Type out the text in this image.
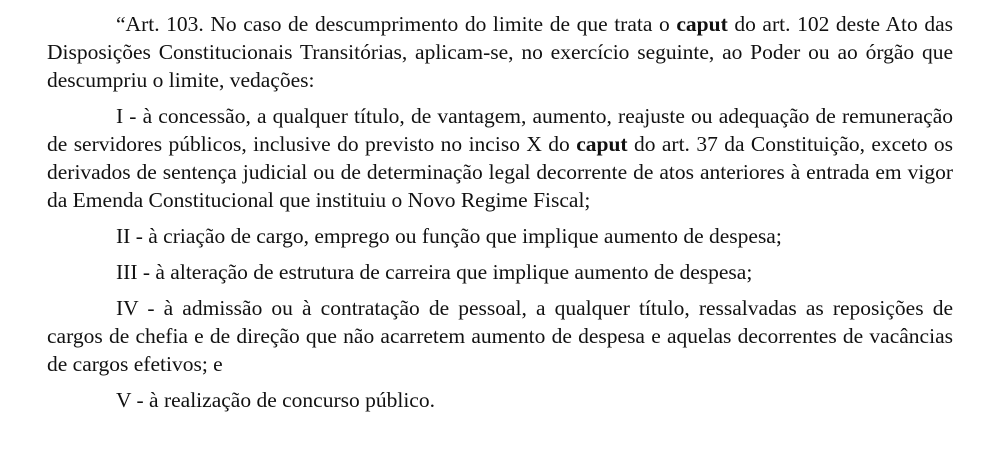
“Art. 103. No caso de descumprimento do limite de que trata o caput do art. 102 deste Ato das Disposições Constitucionais Transitórias, aplicam-se, no exercício seguinte, ao Poder ou ao órgão que descumpriu o limite, vedações:

I - à concessão, a qualquer título, de vantagem, aumento, reajuste ou adequação de remuneração de servidores públicos, inclusive do previsto no inciso X do caput do art. 37 da Constituição, exceto os derivados de sentença judicial ou de determinação legal decorrente de atos anteriores à entrada em vigor da Emenda Constitucional que instituiu o Novo Regime Fiscal;

II - à criação de cargo, emprego ou função que implique aumento de despesa;

III - à alteração de estrutura de carreira que implique aumento de despesa;

IV - à admissão ou à contratação de pessoal, a qualquer título, ressalvadas as reposições de cargos de chefia e de direção que não acarretem aumento de despesa e aquelas decorrentes de vacâncias de cargos efetivos; e

V - à realização de concurso público.
